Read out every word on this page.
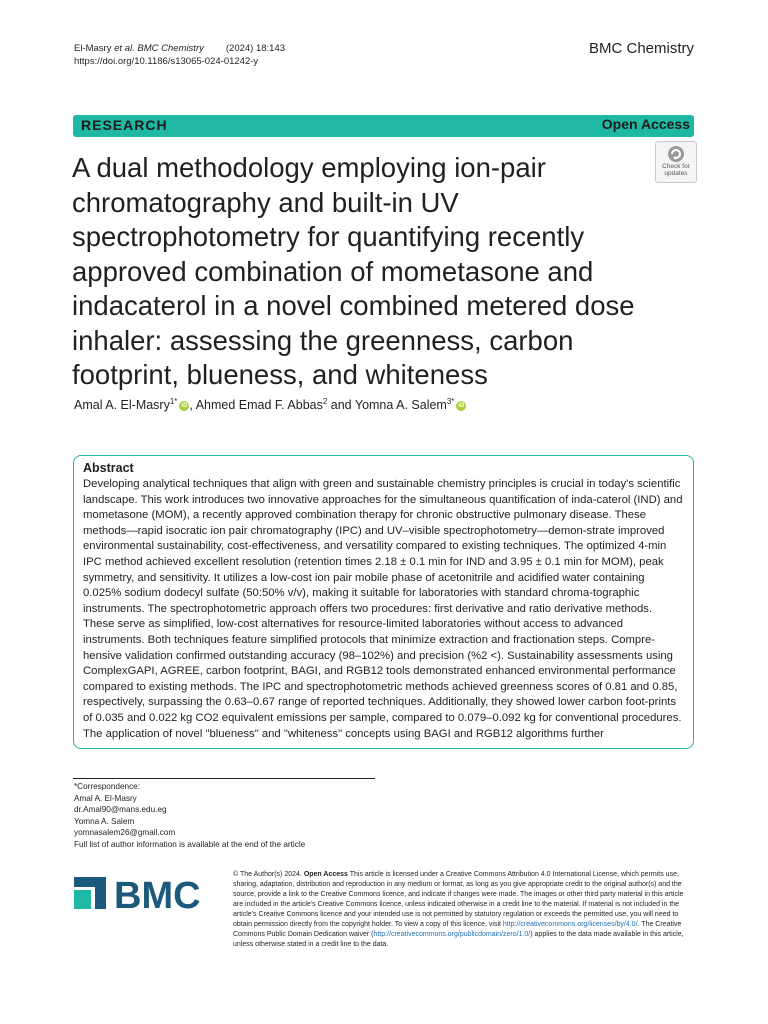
El-Masry et al. BMC Chemistry (2024) 18:143
https://doi.org/10.1186/s13065-024-01242-y
BMC Chemistry
RESEARCH	Open Access
Check for
updates
A dual methodology employing ion-pair chromatography and built-in UV spectrophotometry for quantifying recently approved combination of mometasone and indacaterol in a novel combined metered dose inhaler: assessing the greenness, carbon footprint, blueness, and whiteness
Amal A. El-Masry$^{1*}$ iD , Ahmed Emad F. Abbas$^2$ and Yomna A. Salem$^{3*}$ iD
Abstract

Developing analytical techniques that align with green and sustainable chemistry principles is crucial in today's scientific landscape. This work introduces two innovative approaches for the simultaneous quantification of inda-caterol (IND) and mometasone (MOM), a recently approved combination therapy for chronic obstructive pulmonary disease. These methods—rapid isocratic ion pair chromatography (IPC) and UV–visible spectrophotometry—demon-strate improved environmental sustainability, cost-effectiveness, and versatility compared to existing techniques. The optimized 4-min IPC method achieved excellent resolution (retention times 2.18 ± 0.1 min for IND and 3.95 ± 0.1 min for MOM), peak symmetry, and sensitivity. It utilizes a low-cost ion pair mobile phase of acetonitrile and acidified water containing 0.025% sodium dodecyl sulfate (50:50% v/v), making it suitable for laboratories with standard chroma-tographic instruments. The spectrophotometric approach offers two procedures: first derivative and ratio derivative methods. These serve as simplified, low-cost alternatives for resource-limited laboratories without access to advanced instruments. Both techniques feature simplified protocols that minimize extraction and fractionation steps. Compre-hensive validation confirmed outstanding accuracy (98–102%) and precision (%2 <). Sustainability assessments using ComplexGAPI, AGREE, carbon footprint, BAGI, and RGB12 tools demonstrated enhanced environmental performance compared to existing methods. The IPC and spectrophotometric methods achieved greenness scores of 0.81 and 0.85, respectively, surpassing the 0.63–0.67 range of reported techniques. Additionally, they showed lower carbon foot-prints of 0.035 and 0.022 kg CO2 equivalent emissions per sample, compared to 0.079–0.092 kg for conventional procedures. The application of novel "blueness" and "whiteness" concepts using BAGI and RGB12 algorithms further

*Correspondence:
Amal A. El-Masry
dr.Amal90@mans.edu.eg
Yomna A. Salem
yomnasalem26@gmail.com
Full list of author information is available at the end of the article
BMC
© The Author(s) 2024. Open Access This article is licensed under a Creative Commons Attribution 4.0 International License, which permits use, sharing, adaptation, distribution and reproduction in any medium or format, as long as you give appropriate credit to the original author(s) and the source, provide a link to the Creative Commons licence, and indicate if changes were made. The images or other third party material in this article are included in the article's Creative Commons licence, unless indicated otherwise in a credit line to the material. If material is not included in the article's Creative Commons licence and your intended use is not permitted by statutory regulation or exceeds the permitted use, you will need to obtain permission directly from the copyright holder. To view a copy of this licence, visit http://creativecommons.org/licenses/by/4.0/. The Creative Commons Public Domain Dedication waiver (http://creativecommons.org/publicdomain/zero/1.0/) applies to the data made available in this article, unless otherwise stated in a credit line to the data.
